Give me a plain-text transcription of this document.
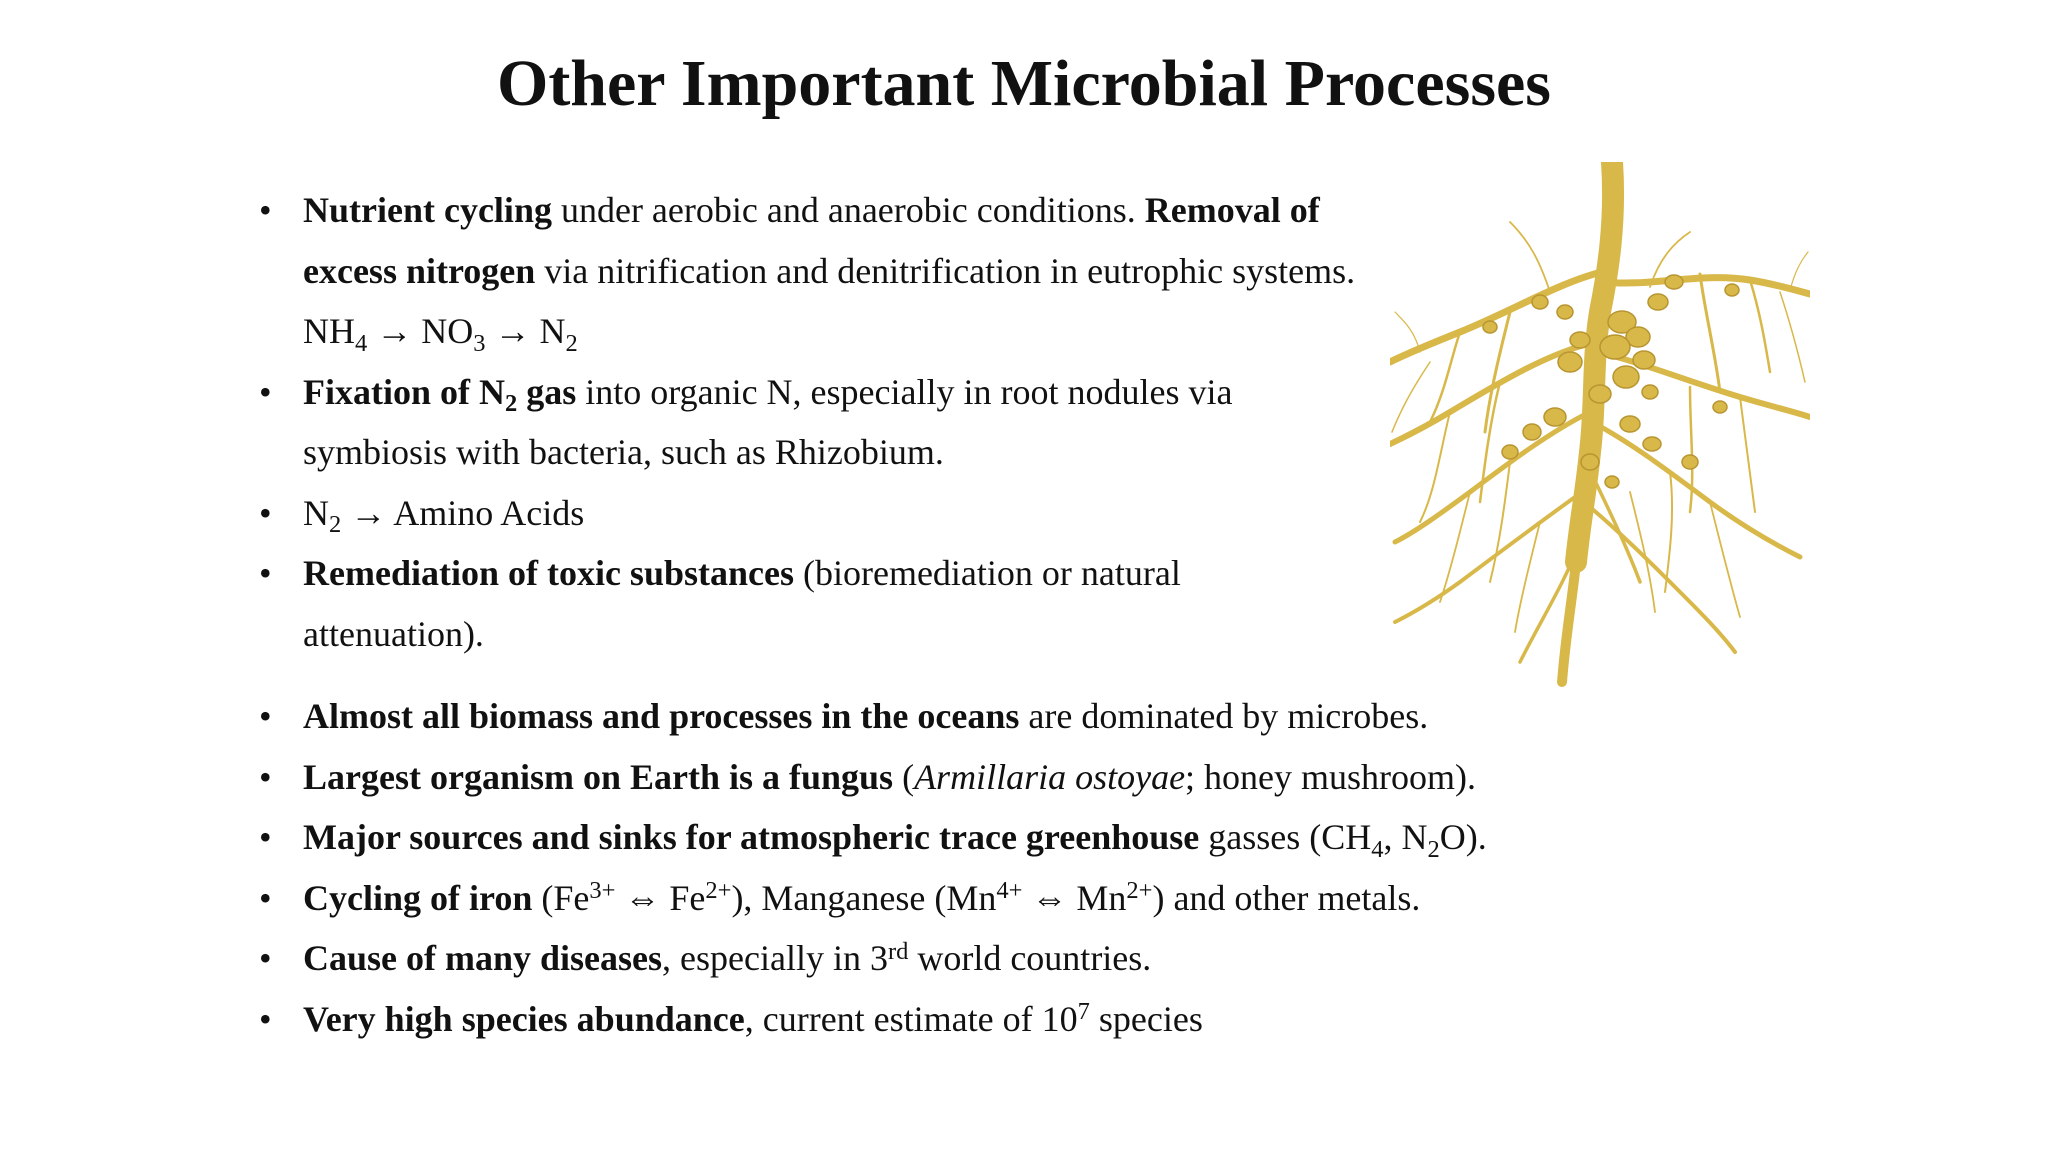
Other Important Microbial Processes
• Nutrient cycling under aerobic and anaerobic conditions. Removal of excess nitrogen via nitrification and denitrification in eutrophic systems. $NH_4 \to NO_3 \to N_2$
• Fixation of $N_2$ gas into organic N, especially in root nodules via symbiosis with bacteria, such as Rhizobium.
• $N_2 \to Amino$ Acids
• Remediation of toxic substances (bioremediation or natural attenuation).
• Almost all biomass and processes in the oceans are dominated by microbes.
• Largest organism on Earth is a fungus (Armillaria ostoyae; honey mushroom).
• Major sources and sinks for atmospheric trace greenhouse gasses ($CH_4$, $N_2O$).
• Cycling of iron ($Fe^{3+}$ ⇔ $Fe^{2+}$), Manganese ($Mn^{4+}$ ⇔ $Mn^{2+}$) and other metals.
• Cause of many diseases, especially in 3rd world countries.
• Very high species abundance, current estimate of $10^7$ species
